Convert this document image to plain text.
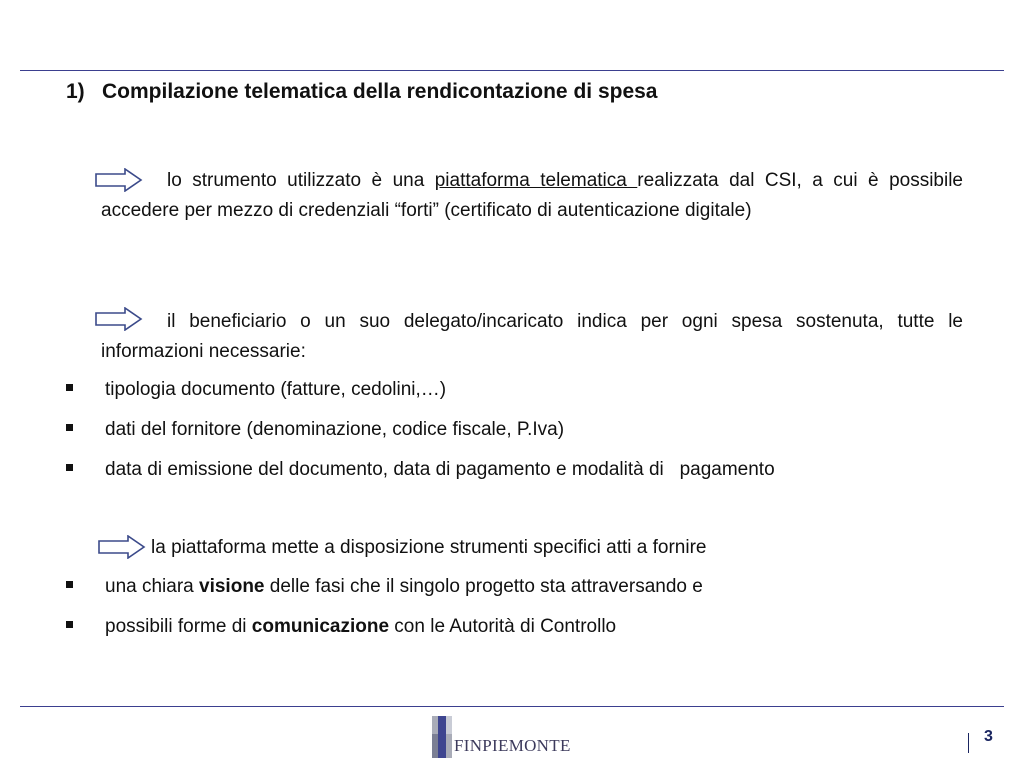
1) Compilazione telematica della rendicontazione di spesa
lo strumento utilizzato è una piattaforma telematica realizzata dal CSI, a cui è possibile accedere per mezzo di credenziali “forti” (certificato di autenticazione digitale)
il beneficiario o un suo delegato/incaricato indica per ogni spesa sostenuta, tutte le informazioni necessarie:
tipologia documento (fatture, cedolini,…)
dati del fornitore (denominazione, codice fiscale, P.Iva)
data di emissione del documento, data di pagamento e modalità di   pagamento
la piattaforma mette a disposizione strumenti specifici atti a fornire
una chiara visione delle fasi che il singolo progetto sta attraversando e
possibili forme di comunicazione con le Autorità di Controllo
FINPIEMONTE	3
